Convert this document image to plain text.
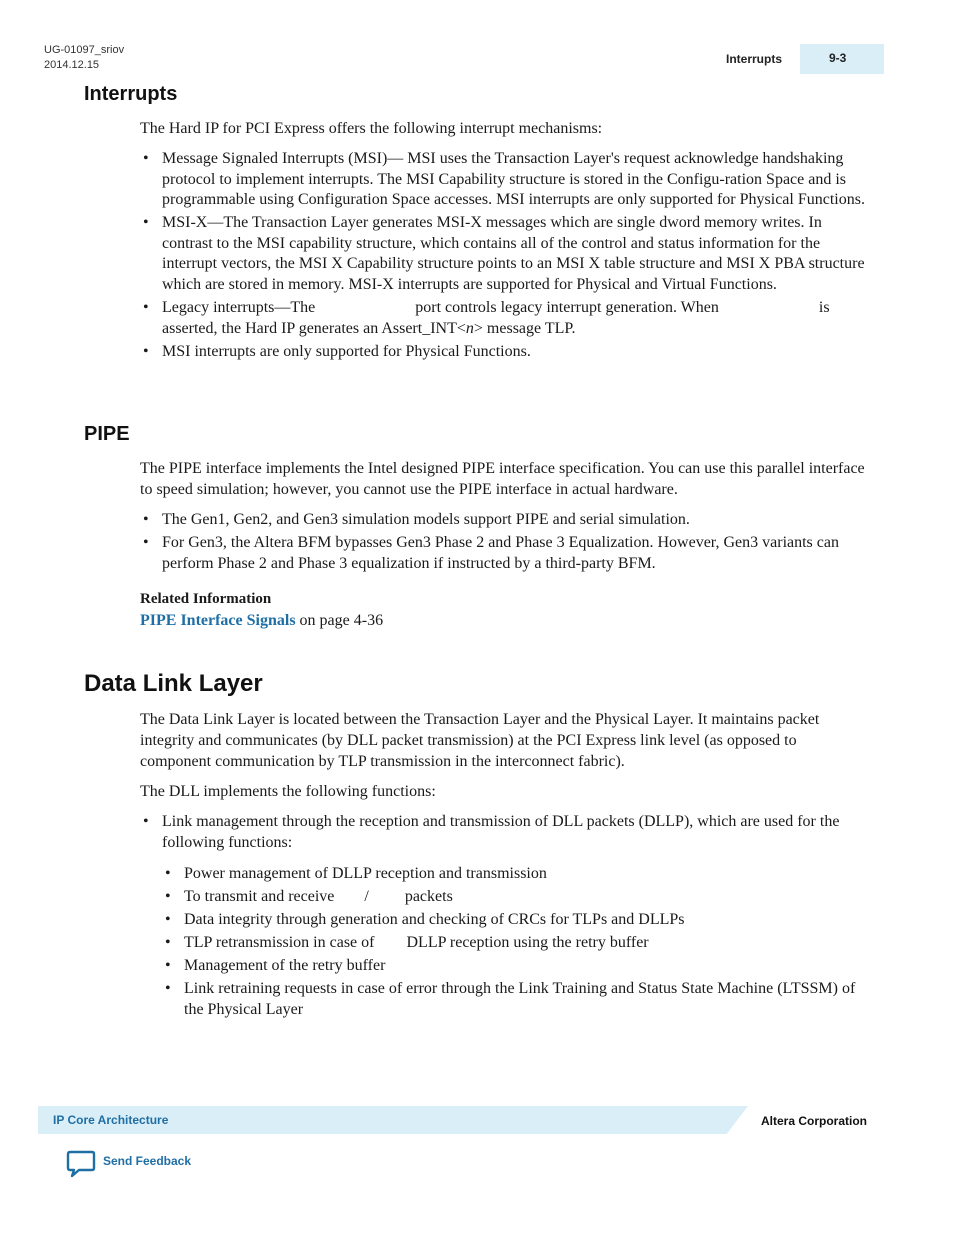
UG-01097_sriov
2014.12.15	Interrupts	9-3
Interrupts

The Hard IP for PCI Express offers the following interrupt mechanisms:

• Message Signaled Interrupts (MSI)— MSI uses the Transaction Layer's request acknowledge handshaking protocol to implement interrupts. The MSI Capability structure is stored in the Configu-ration Space and is programmable using Configuration Space accesses. MSI interrupts are only supported for Physical Functions.
• MSI-X—The Transaction Layer generates MSI-X messages which are single dword memory writes. In contrast to the MSI capability structure, which contains all of the control and status information for the interrupt vectors, the MSI X Capability structure points to an MSI X table structure and MSI X PBA structure which are stored in memory. MSI-X interrupts are supported for Physical and Virtual Functions.
• Legacy interrupts—The	port controls legacy interrupt generation. When	is asserted, the Hard IP generates an Assert_INT<n> message TLP.
• MSI interrupts are only supported for Physical Functions.
PIPE

The PIPE interface implements the Intel designed PIPE interface specification. You can use this parallel interface to speed simulation; however, you cannot use the PIPE interface in actual hardware.

• The Gen1, Gen2, and Gen3 simulation models support PIPE and serial simulation.
• For Gen3, the Altera BFM bypasses Gen3 Phase 2 and Phase 3 Equalization. However, Gen3 variants can perform Phase 2 and Phase 3 equalization if instructed by a third-party BFM.
Related Information
PIPE Interface Signals on page 4-36
Data Link Layer

The Data Link Layer is located between the Transaction Layer and the Physical Layer. It maintains packet integrity and communicates (by DLL packet transmission) at the PCI Express link level (as opposed to component communication by TLP transmission in the interconnect fabric).

The DLL implements the following functions:

• Link management through the reception and transmission of DLL packets (DLLP), which are used for the following functions:
• Power management of DLLP reception and transmission
• To transmit and receive / packets
• Data integrity through generation and checking of CRCs for TLPs and DLLPs
• TLP retransmission in case of DLLP reception using the retry buffer
• Management of the retry buffer
• Link retraining requests in case of error through the Link Training and Status State Machine (LTSSM) of the Physical Layer
IP Core Architecture	Altera Corporation
Send Feedback
